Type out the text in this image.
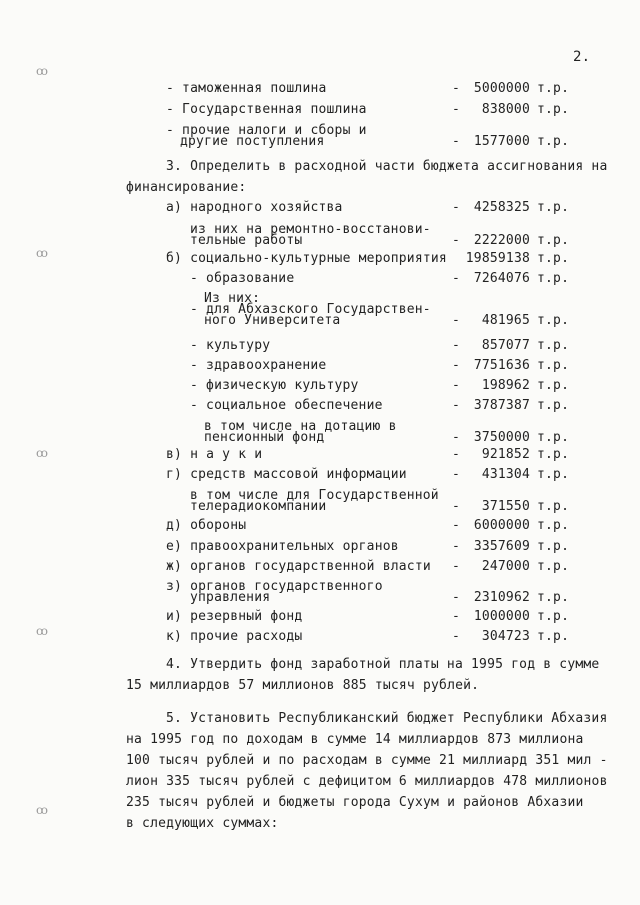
2.
ꝏ
ꝏ
ꝏ
ꝏ
ꝏ
- таможенная пошлина	- 5000000 т.р.
- Государственная пошлина	- 838000 т.р.
- прочие налоги и сборы и
другие поступления	- 1577000 т.р.
а) народного хозяйства	- 4258325 т.р.
из них на ремонтно-восстанови-
тельные работы	- 2222000 т.р.
б) социально-культурные мероприятия 19859138 т.р.
- образование	- 7264076 т.р.
Из них:
- для Абхазского Государствен-
ного Университета	- 481965 т.р.
- культуру	- 857077 т.р.
- здравоохранение	- 7751636 т.р.
- физическую культуру	- 198962 т.р.
- социальное обеспечение	- 3787387 т.р.
в том числе на дотацию в
пенсионный фонд	- 3750000 т.р.
в) н а у к и	- 921852 т.р.
г) средств массовой информации	- 431304 т.р.
в том числе для Государственной
телерадиокомпании	- 371550 т.р.
д) обороны	- 6000000 т.р.
е) правоохранительных органов	- 3357609 т.р.
ж) органов государственной власти - 247000 т.р.
з) органов государственного
управления	- 2310962 т.р.
и) резервный фонд	- 1000000 т.р.
к) прочие расходы	- 304723 т.р.
3. Определить в расходной части бюджета ассигнования на
финансирование:
4. Утвердить фонд заработной платы на 1995 год в сумме
15 миллиардов 57 миллионов 885 тысяч рублей.
5. Установить Республиканский бюджет Республики Абхазия
на 1995 год по доходам в сумме 14 миллиардов 873 миллиона
100 тысяч рублей и по расходам в сумме 21 миллиард 351 мил -
лион 335 тысяч рублей с дефицитом 6 миллиардов 478 миллионов
235 тысяч рублей и бюджеты города Сухум и районов Абхазии
в следующих суммах:
